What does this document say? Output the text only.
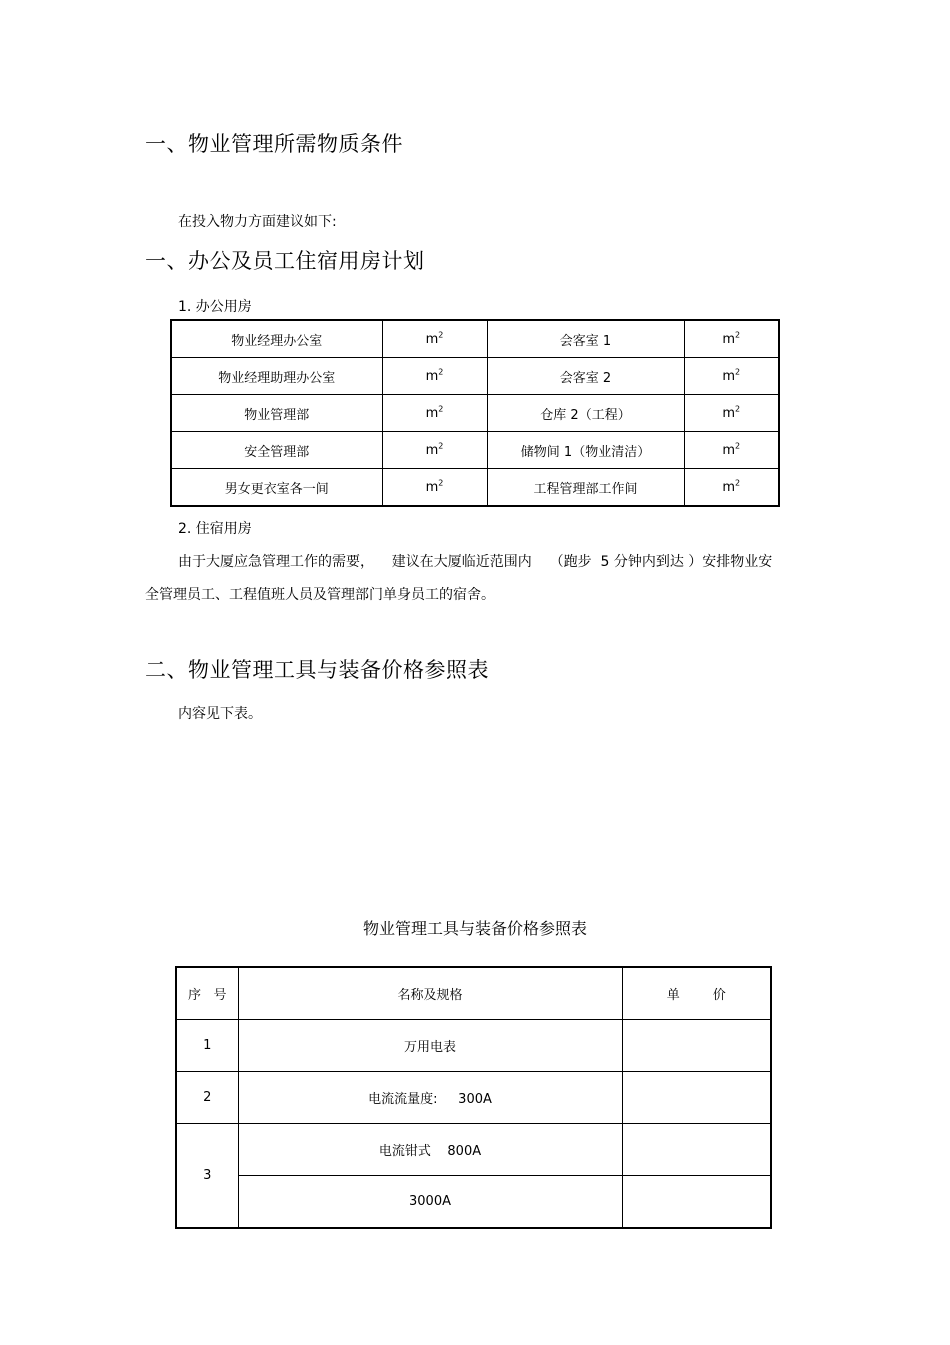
一、物业管理所需物质条件
在投入物力方面建议如下:
一、办公及员工住宿用房计划
1. 办公用房
物业经理办公室	$m^2$	会客室 1	$m^2$
物业经理助理办公室	$m^2$	会客室 2	$m^2$
物业管理部	$m^2$	仓库 2（工程）	$m^2$
安全管理部	$m^2$	储物间 1（物业清洁）	$m^2$
男女更衣室各一间	$m^2$	工程管理部工作间	$m^2$
2. 住宿用房
由于大厦应急管理工作的需要，    建议在大厦临近范围内    （跑步  5 分钟内到达 ）安排物业安
全管理员工、工程值班人员及管理部门单身员工的宿舍。
二、物业管理工具与装备价格参照表
内容见下表。
物业管理工具与装备价格参照表
序   号	名称及规格	单        价
1	万用电表	
2	电流流量度:     300A	
3	电流钳式    800A	
	3000A	
